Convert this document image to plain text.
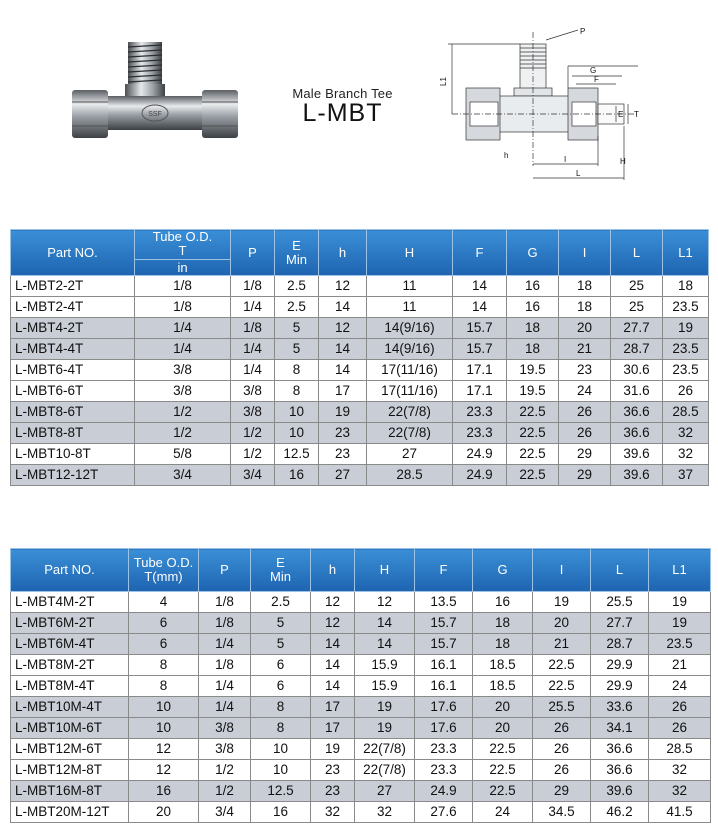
SSF
Male Branch Tee
L-MBT
P
G
F
L1
E T
h
H
I
L
Part NO.	Tube O.D.
T
in	P	E
Min	h	H	F	G	I	L	L1
L-MBT2-2T	1/8	1/8	2.5	12	11	14	16	18	25	18
L-MBT2-4T	1/8	1/4	2.5	14	11	14	16	18	25	23.5
L-MBT4-2T	1/4	1/8	5	12	14(9/16)	15.7	18	20	27.7	19
L-MBT4-4T	1/4	1/4	5	14	14(9/16)	15.7	18	21	28.7	23.5
L-MBT6-4T	3/8	1/4	8	14	17(11/16)	17.1	19.5	23	30.6	23.5
L-MBT6-6T	3/8	3/8	8	17	17(11/16)	17.1	19.5	24	31.6	26
L-MBT8-6T	1/2	3/8	10	19	22(7/8)	23.3	22.5	26	36.6	28.5
L-MBT8-8T	1/2	1/2	10	23	22(7/8)	23.3	22.5	26	36.6	32
L-MBT10-8T	5/8	1/2	12.5	23	27	24.9	22.5	29	39.6	32
L-MBT12-12T	3/4	3/4	16	27	28.5	24.9	22.5	29	39.6	37
Part NO.	Tube O.D.
T(mm)	P	E
Min	h	H	F	G	I	L	L1
L-MBT4M-2T	4	1/8	2.5	12	12	13.5	16	19	25.5	19
L-MBT6M-2T	6	1/8	5	12	14	15.7	18	20	27.7	19
L-MBT6M-4T	6	1/4	5	14	14	15.7	18	21	28.7	23.5
L-MBT8M-2T	8	1/8	6	14	15.9	16.1	18.5	22.5	29.9	21
L-MBT8M-4T	8	1/4	6	14	15.9	16.1	18.5	22.5	29.9	24
L-MBT10M-4T	10	1/4	8	17	19	17.6	20	25.5	33.6	26
L-MBT10M-6T	10	3/8	8	17	19	17.6	20	26	34.1	26
L-MBT12M-6T	12	3/8	10	19	22(7/8)	23.3	22.5	26	36.6	28.5
L-MBT12M-8T	12	1/2	10	23	22(7/8)	23.3	22.5	26	36.6	32
L-MBT16M-8T	16	1/2	12.5	23	27	24.9	22.5	29	39.6	32
L-MBT20M-12T	20	3/4	16	32	32	27.6	24	34.5	46.2	41.5
